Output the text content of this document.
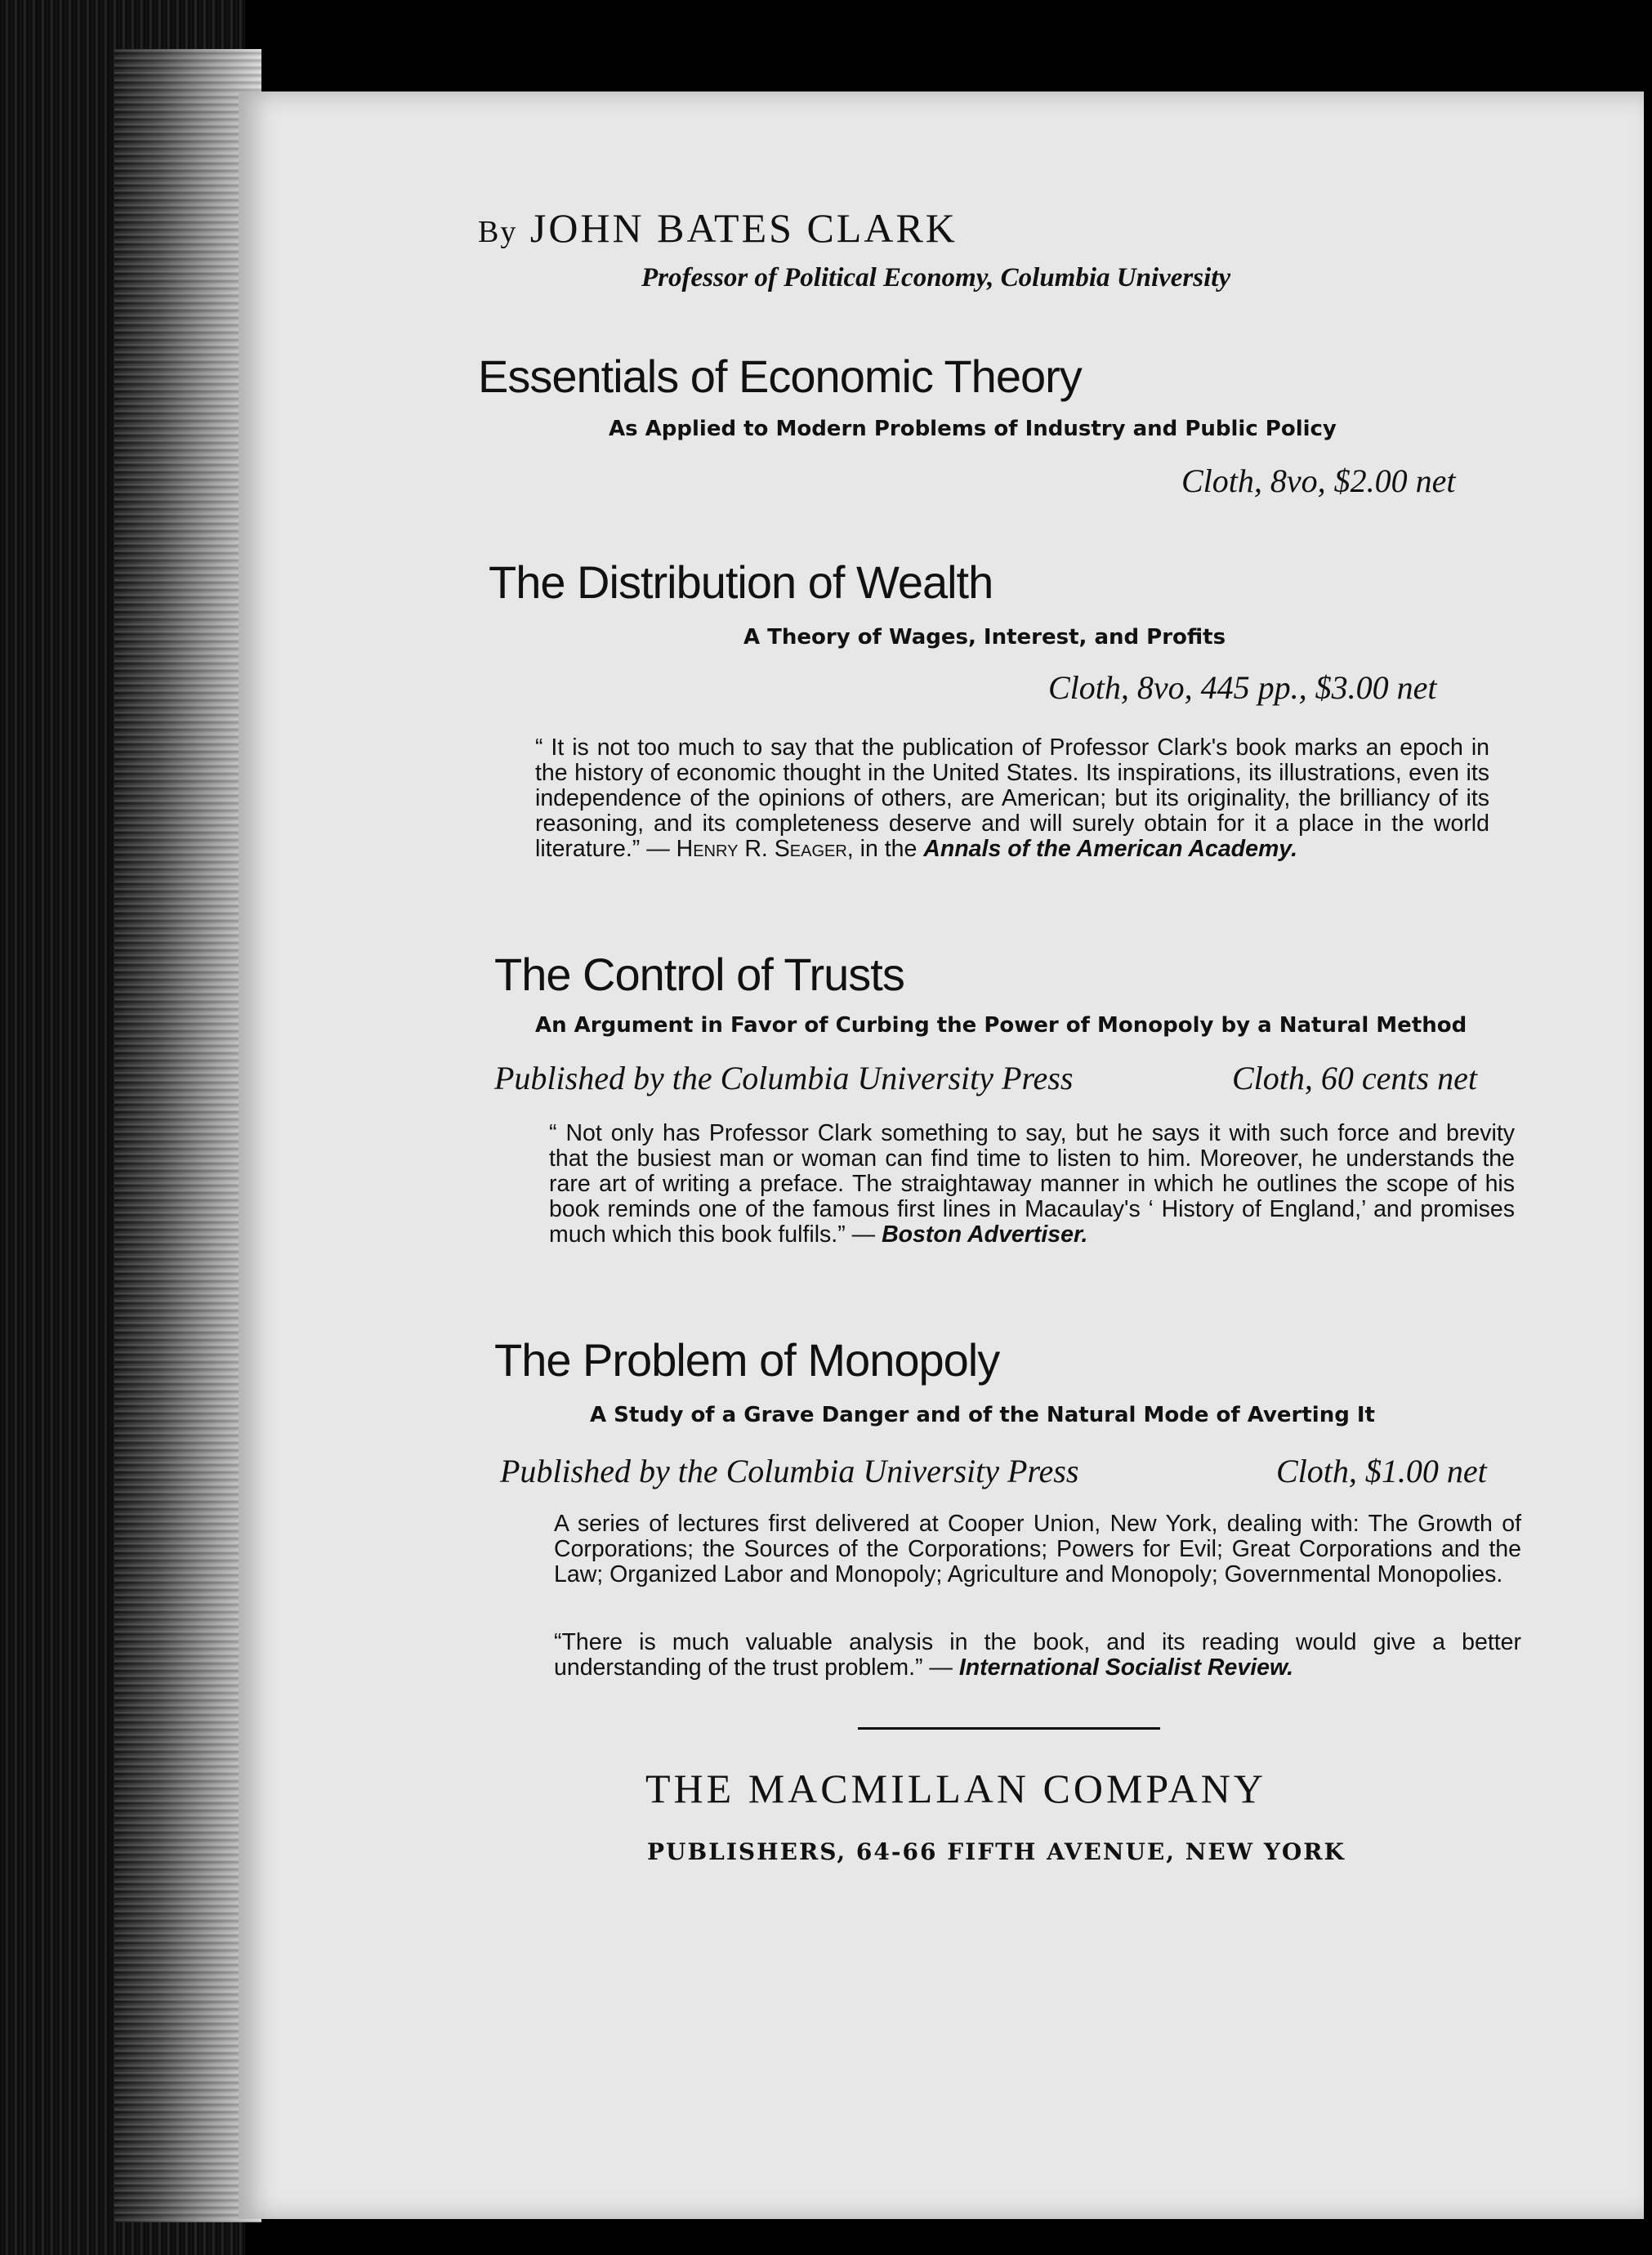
By JOHN BATES CLARK
Professor of Political Economy, Columbia University
Essentials of Economic Theory
As Applied to Modern Problems of Industry and Public Policy
Cloth, 8vo, $2.00 net
The Distribution of Wealth
A Theory of Wages, Interest, and Profits
Cloth, 8vo, 445 pp., $3.00 net
“ It is not too much to say that the publication of Professor Clark's book marks an epoch in the history of economic thought in the United States. Its inspirations, its illustrations, even its independence of the opinions of others, are American; but its originality, the brilliancy of its reasoning, and its completeness deserve and will surely obtain for it a place in the world literature.” — Henry R. Seager, in the Annals of the American Academy.
The Control of Trusts
An Argument in Favor of Curbing the Power of Monopoly by a Natural Method
Published by the Columbia University Press	Cloth, 60 cents net
“ Not only has Professor Clark something to say, but he says it with such force and brevity that the busiest man or woman can find time to listen to him. Moreover, he understands the rare art of writing a preface. The straightaway manner in which he outlines the scope of his book reminds one of the famous first lines in Macaulay's ‘ History of England,’ and promises much which this book fulfils.” — Boston Advertiser.
The Problem of Monopoly
A Study of a Grave Danger and of the Natural Mode of Averting It
Published by the Columbia University Press	Cloth, $1.00 net
A series of lectures first delivered at Cooper Union, New York, dealing with: The Growth of Corporations; the Sources of the Corporations; Powers for Evil; Great Corporations and the Law; Organized Labor and Monopoly; Agriculture and Monopoly; Governmental Monopolies.
“There is much valuable analysis in the book, and its reading would give a better understanding of the trust problem.” — International Socialist Review.
THE MACMILLAN COMPANY
PUBLISHERS, 64-66 FIFTH AVENUE, NEW YORK
